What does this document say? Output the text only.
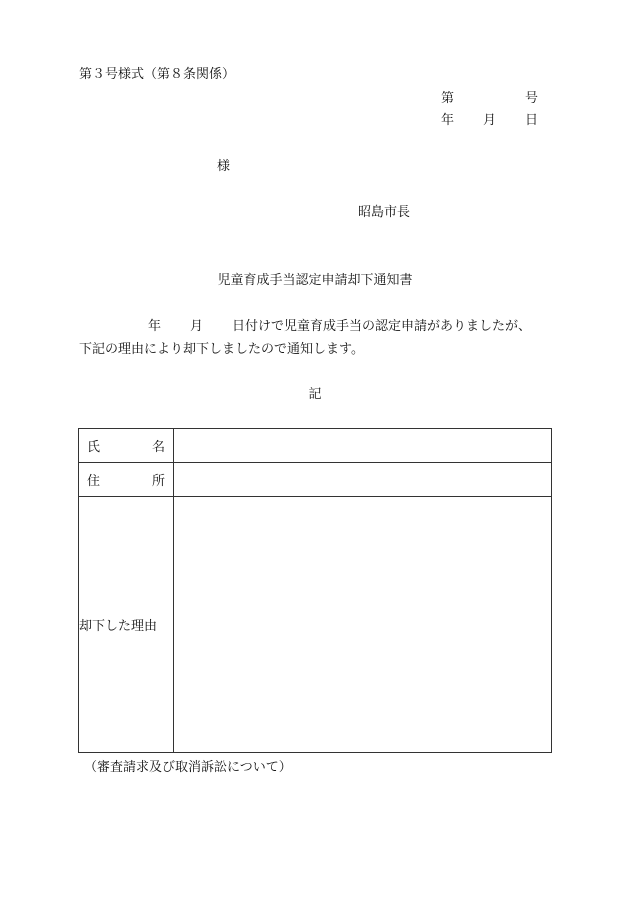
第３号様式（第８条関係）
第	号
年 月 日
様
昭島市長
児童育成手当認定申請却下通知書
年 月 日付けで児童育成手当の認定申請がありましたが、
下記の理由により却下しましたので通知します。
記
氏 名	

住 所	

却下した理由	
（審査請求及び取消訴訟について）
